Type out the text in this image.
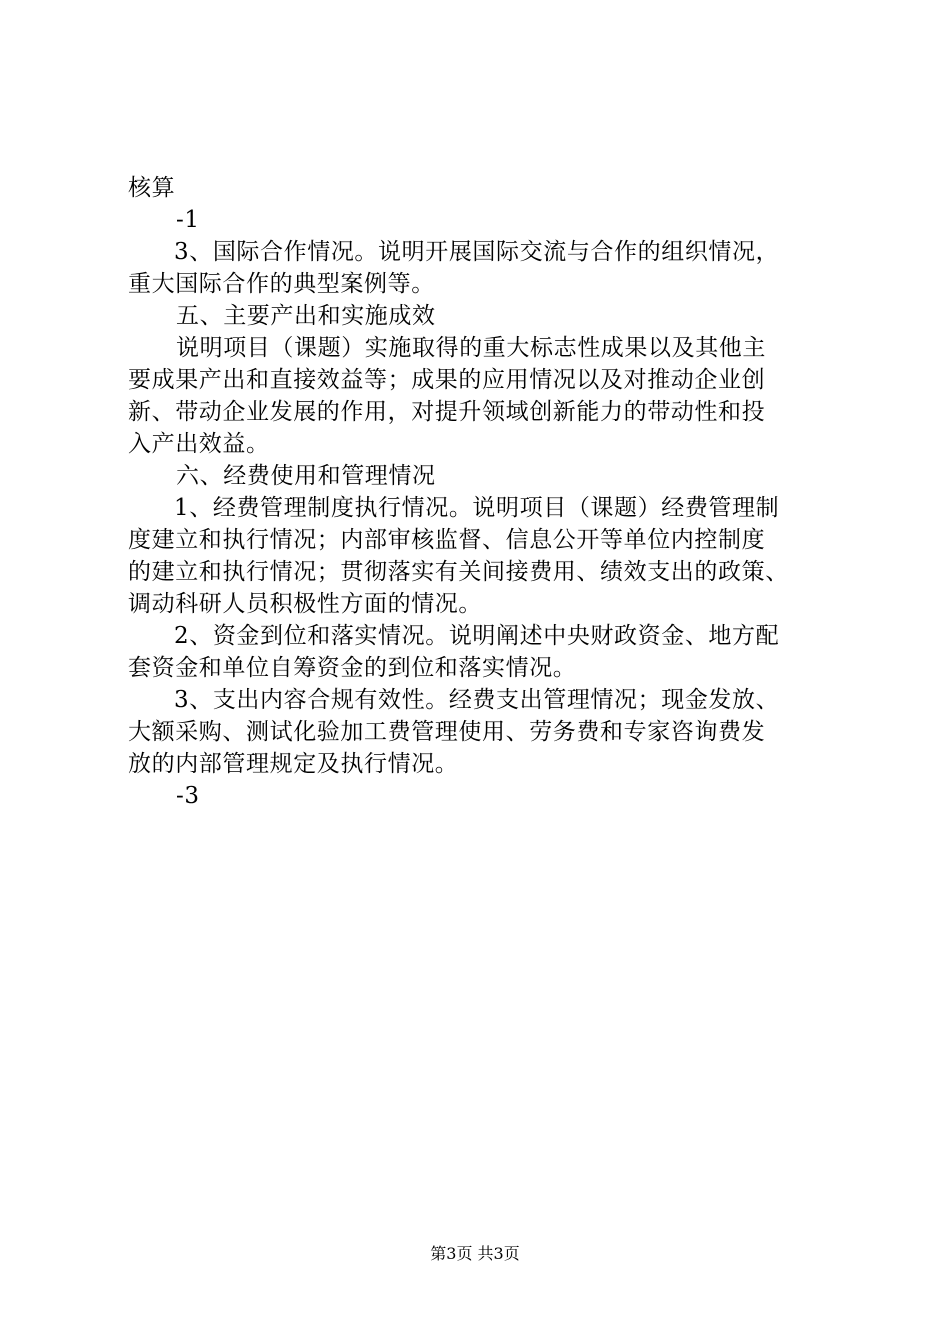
核算
-1
3、国际合作情况。说明开展国际交流与合作的组织情况，
重大国际合作的典型案例等。
五、主要产出和实施成效
说明项目（课题）实施取得的重大标志性成果以及其他主
要成果产出和直接效益等；成果的应用情况以及对推动企业创
新、带动企业发展的作用，对提升领域创新能力的带动性和投
入产出效益。
六、经费使用和管理情况
1、经费管理制度执行情况。说明项目（课题）经费管理制
度建立和执行情况；内部审核监督、信息公开等单位内控制度
的建立和执行情况；贯彻落实有关间接费用、绩效支出的政策、
调动科研人员积极性方面的情况。
2、资金到位和落实情况。说明阐述中央财政资金、地方配
套资金和单位自筹资金的到位和落实情况。
3、支出内容合规有效性。经费支出管理情况；现金发放、
大额采购、测试化验加工费管理使用、劳务费和专家咨询费发
放的内部管理规定及执行情况。
-3
第3页 共3页
